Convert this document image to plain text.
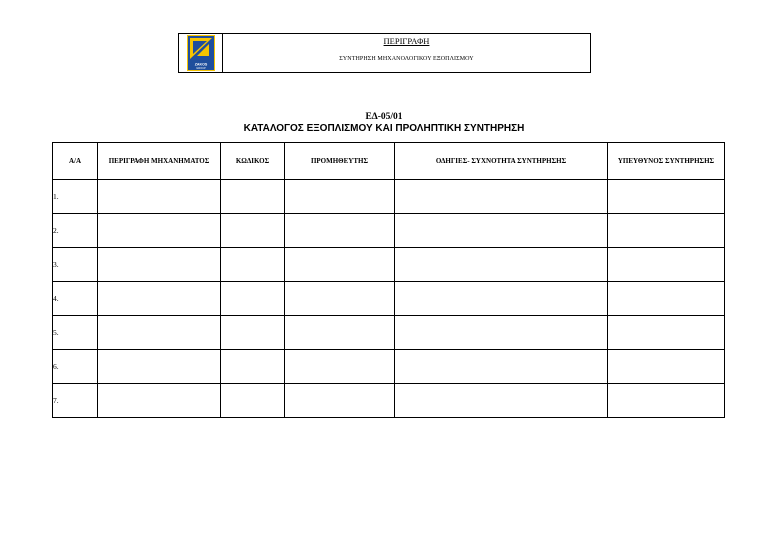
ZAKOS
GROUP
ΠΕΡΙΓΡΑΦΗ
ΣΥΝΤΗΡΗΣΗ ΜΗΧΑΝΟΛΟΓΙΚΟΥ ΕΞΟΠΛΙΣΜΟΥ
ΕΔ-05/01
ΚΑΤΑΛΟΓΟΣ ΕΞΟΠΛΙΣΜΟΥ ΚΑΙ ΠΡΟΛΗΠΤΙΚΗ ΣΥΝΤΗΡΗΣΗ
Α/Α	ΠΕΡΙΓΡΑΦΗ ΜΗΧΑΝΗΜΑΤΟΣ	ΚΩΔΙΚΟΣ	ΠΡΟΜΗΘΕΥΤΗΣ	ΟΔΗΓΙΕΣ- ΣΥΧΝΟΤΗΤΑ ΣΥΝΤΗΡΗΣΗΣ	ΥΠΕΥΘΥΝΟΣ ΣΥΝΤΗΡΗΣΗΣ
1.					
2.					
3.					
4.					
5.					
6.					
7.					
